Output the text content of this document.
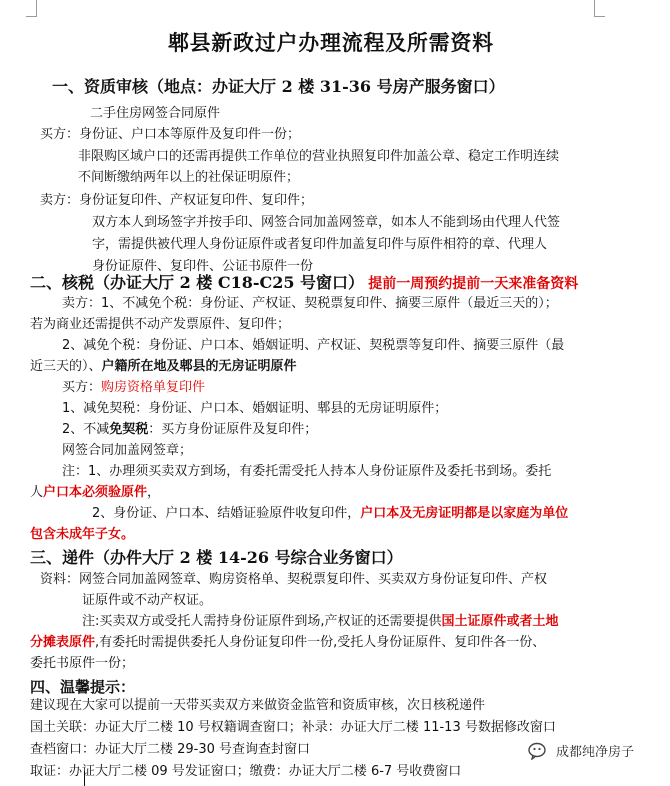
郫县新政过户办理流程及所需资料
一、资质审核（地点：办证大厅 2 楼 31-36 号房产服务窗口）
二手住房网签合同原件
买方：身份证、户口本等原件及复印件一份；
非限购区域户口的还需再提供工作单位的营业执照复印件加盖公章、稳定工作明连续
不间断缴纳两年以上的社保证明原件；
卖方：身份证复印件、产权证复印件、复印件；
双方本人到场签字并按手印、网签合同加盖网签章，如本人不能到场由代理人代签
字，需提供被代理人身份证原件或者复印件加盖复印件与原件相符的章、代理人
身份证原件、复印件、公证书原件一份
二、核税（办证大厅 2 楼 C18-C25 号窗口） 提前一周预约提前一天来准备资料
卖方：1、不减免个税：身份证、产权证、契税票复印件、摘要三原件（最近三天的）；
若为商业还需提供不动产发票原件、复印件；
2、减免个税：身份证、户口本、婚姻证明、产权证、契税票等复印件、摘要三原件（最
近三天的）、户籍所在地及郫县的无房证明原件
买方：购房资格单复印件
1、减免契税：身份证、户口本、婚姻证明、郫县的无房证明原件；
2、不减免契税：买方身份证原件及复印件；
网签合同加盖网签章；
注：1、办理须买卖双方到场，有委托需受托人持本人身份证原件及委托书到场。委托
人户口本必须验原件，
2、身份证、户口本、结婚证验原件收复印件，户口本及无房证明都是以家庭为单位
包含未成年子女。
三、递件（办件大厅 2 楼 14-26 号综合业务窗口）
资料：网签合同加盖网签章、购房资格单、契税票复印件、买卖双方身份证复印件、产权
证原件或不动产权证。
注:买卖双方或受托人需持身份证原件到场,产权证的还需要提供国土证原件或者土地
分摊表原件,有委托时需提供委托人身份证复印件一份,受托人身份证原件、复印件各一份、
委托书原件一份；
四、温馨提示：
建议现在大家可以提前一天带买卖双方来做资金监管和资质审核，次日核税递件
国土关联：办证大厅二楼 10 号权籍调查窗口；补录：办证大厅二楼 11-13 号数据修改窗口
查档窗口：办证大厅二楼 29-30 号查询查封窗口	成都纯净房子
取证：办证大厅二楼 09 号发证窗口；缴费：办证大厅二楼 6-7 号收费窗口
